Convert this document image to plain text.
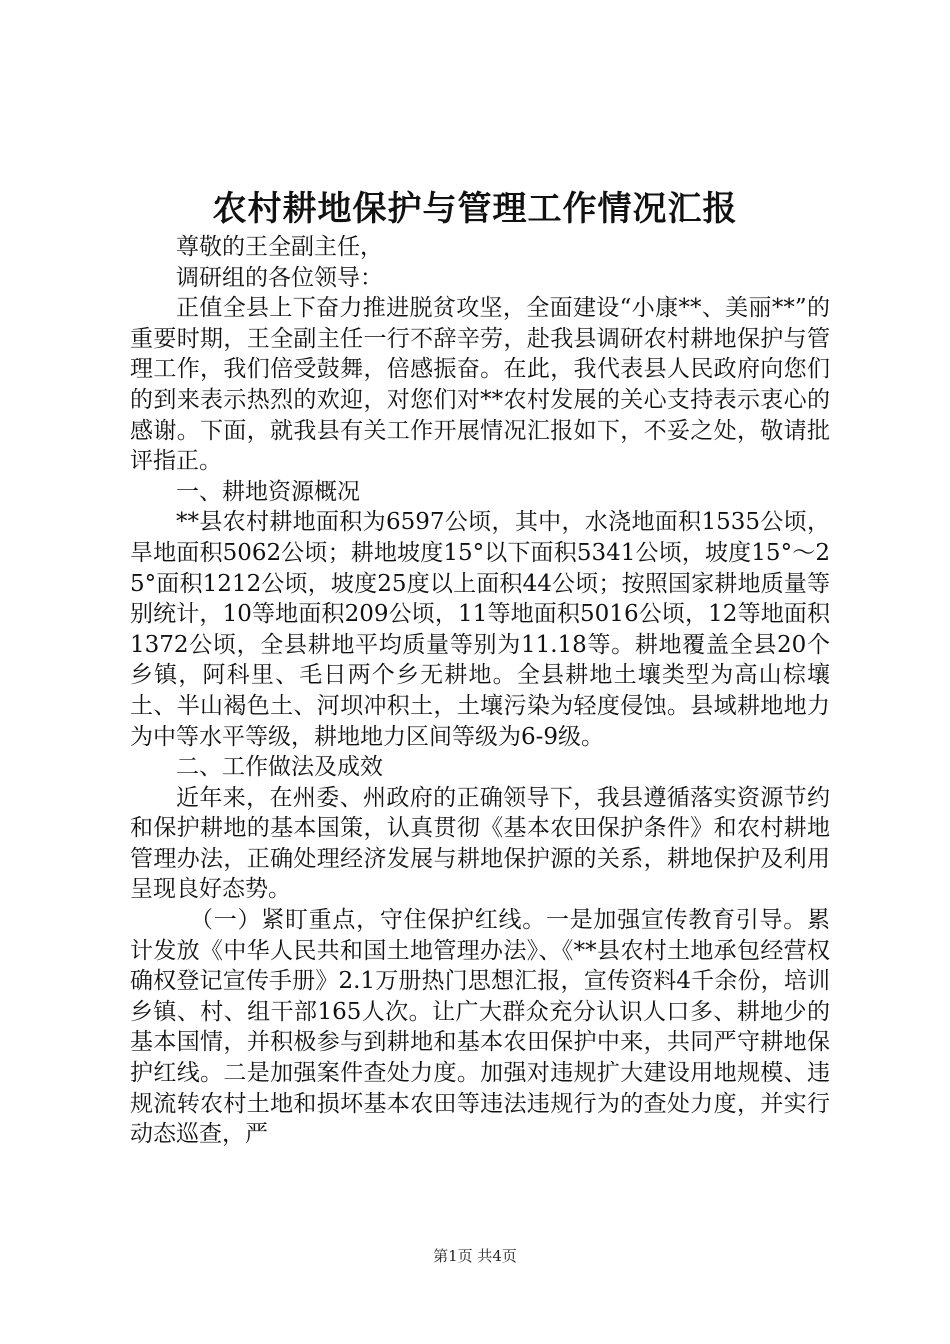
农村耕地保护与管理工作情况汇报

尊敬的王全副主任，

调研组的各位领导：

正值全县上下奋力推进脱贫攻坚，全面建设“小康**、美丽**”的重要时期，王全副主任一行不辞辛劳，赴我县调研农村耕地保护与管理工作，我们倍受鼓舞，倍感振奋。在此，我代表县人民政府向您们的到来表示热烈的欢迎，对您们对**农村发展的关心支持表示衷心的感谢。下面，就我县有关工作开展情况汇报如下，不妥之处，敬请批评指正。

一、耕地资源概况

**县农村耕地面积为6597公顷，其中，水浇地面积1535公顷，旱地面积5062公顷；耕地坡度15°以下面积5341公顷，坡度15°～25°面积1212公顷，坡度25度以上面积44公顷；按照国家耕地质量等别统计，10等地面积209公顷，11等地面积5016公顷，12等地面积1372公顷，全县耕地平均质量等别为11.18等。耕地覆盖全县20个乡镇，阿科里、毛日两个乡无耕地。全县耕地土壤类型为高山棕壤土、半山褐色土、河坝冲积土，土壤污染为轻度侵蚀。县域耕地地力为中等水平等级，耕地地力区间等级为6-9级。

二、工作做法及成效

近年来，在州委、州政府的正确领导下，我县遵循落实资源节约和保护耕地的基本国策，认真贯彻《基本农田保护条件》和农村耕地管理办法，正确处理经济发展与耕地保护源的关系，耕地保护及利用呈现良好态势。

（一）紧盯重点，守住保护红线。一是加强宣传教育引导。累计发放《中华人民共和国土地管理办法》、《**县农村土地承包经营权确权登记宣传手册》2.1万册热门思想汇报，宣传资料4千余份，培训乡镇、村、组干部165人次。让广大群众充分认识人口多、耕地少的基本国情，并积极参与到耕地和基本农田保护中来，共同严守耕地保护红线。二是加强案件查处力度。加强对违规扩大建设用地规模、违规流转农村土地和损坏基本农田等违法违规行为的查处力度，并实行动态巡查，严

第1页 共4页
